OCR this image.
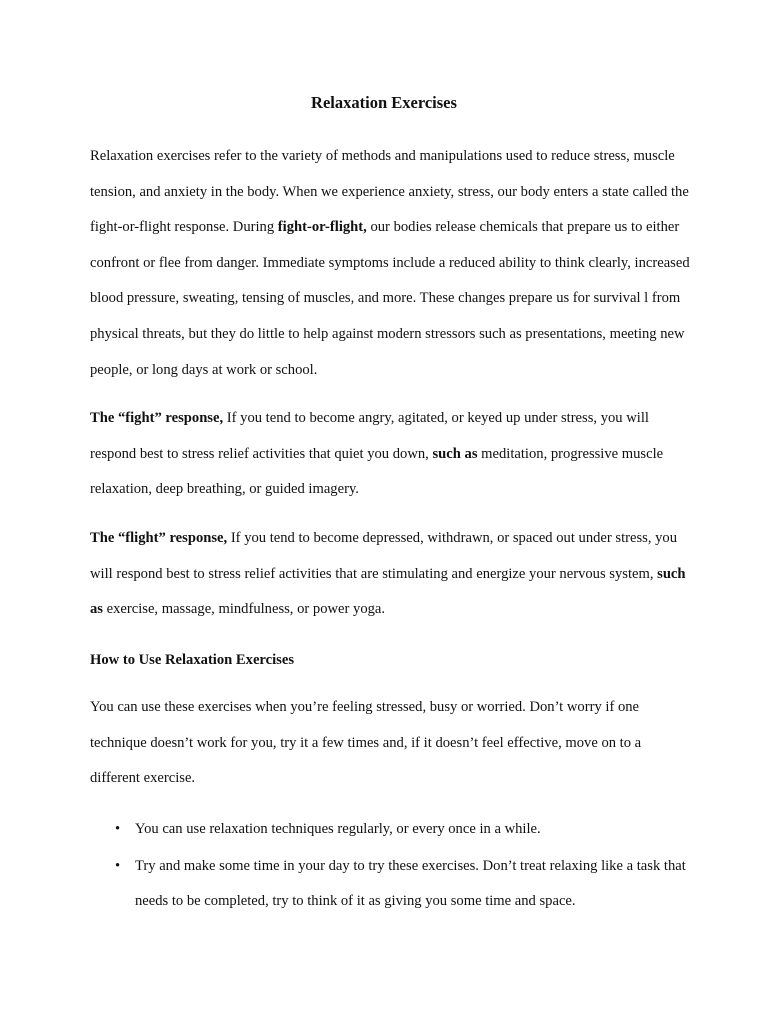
Relaxation Exercises

Relaxation exercises refer to the variety of methods and manipulations used to reduce stress, muscle tension, and anxiety in the body. When we experience anxiety, stress, our body enters a state called the fight-or-flight response. During fight-or-flight, our bodies release chemicals that prepare us to either confront or flee from danger. Immediate symptoms include a reduced ability to think clearly, increased blood pressure, sweating, tensing of muscles, and more. These changes prepare us for survival l from physical threats, but they do little to help against modern stressors such as presentations, meeting new people, or long days at work or school.

The “fight” response, If you tend to become angry, agitated, or keyed up under stress, you will respond best to stress relief activities that quiet you down, such as meditation, progressive muscle relaxation, deep breathing, or guided imagery.

The “flight” response, If you tend to become depressed, withdrawn, or spaced out under stress, you will respond best to stress relief activities that are stimulating and energize your nervous system, such as exercise, massage, mindfulness, or power yoga.

How to Use Relaxation Exercises

You can use these exercises when you’re feeling stressed, busy or worried. Don’t worry if one technique doesn’t work for you, try it a few times and, if it doesn’t feel effective, move on to a different exercise.

• You can use relaxation techniques regularly, or every once in a while.
• Try and make some time in your day to try these exercises. Don’t treat relaxing like a task that needs to be completed, try to think of it as giving you some time and space.
